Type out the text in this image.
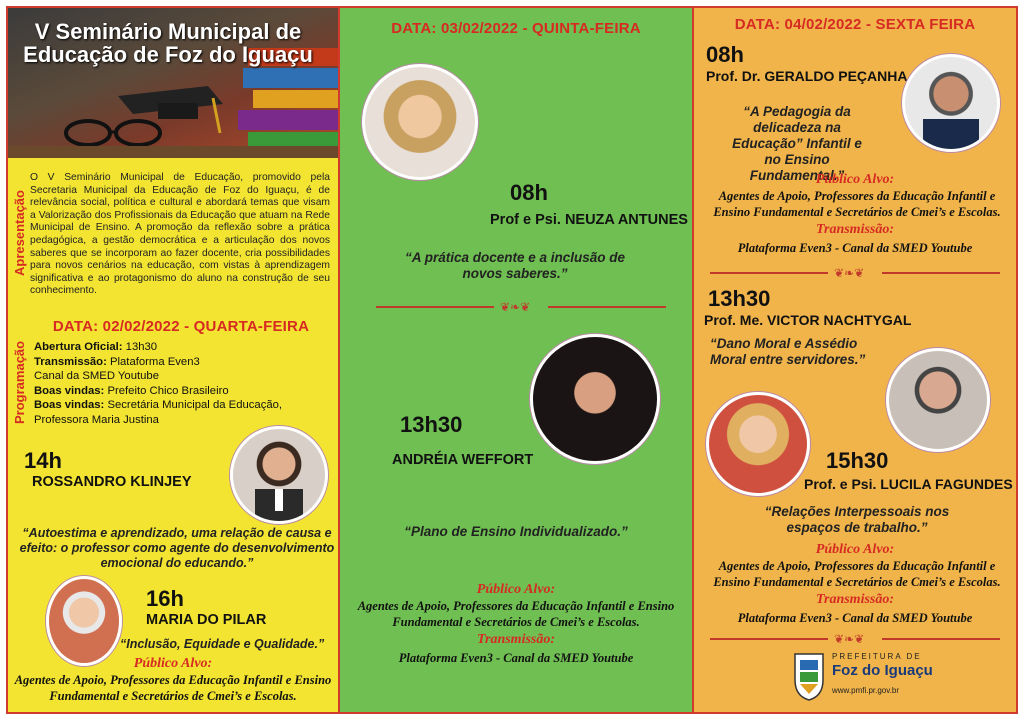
V Seminário Municipal de
Educação de Foz do Iguaçu
Apresentação
O V Seminário Municipal de Educação, promovido pela Secretaria Municipal da Educação de Foz do Iguaçu, é de relevância social, política e cultural e abordará temas que visam a Valorização dos Profissionais da Educação que atuam na Rede Municipal de Ensino. A promoção da reflexão sobre a prática pedagógica, a gestão democrática e a articulação dos novos saberes que se incorporam ao fazer docente, cria possibilidades para novos cenários na educação, com vistas à aprendizagem significativa e ao protagonismo do aluno na construção de seu conhecimento.
DATA: 02/02/2022 - QUARTA-FEIRA
Programação Abertura Oficial: 13h30
Transmissão: Plataforma Even3
Canal da SMED Youtube
Boas vindas: Prefeito Chico Brasileiro
Boas vindas: Secretária Municipal da Educação,
Professora Maria Justina
14h
ROSSANDRO KLINJEY
“Autoestima e aprendizado, uma relação de causa e efeito: o professor como agente do desenvolvimento emocional do educando.”
16h
MARIA DO PILAR
“Inclusão, Equidade e Qualidade.”
Público Alvo:
Agentes de Apoio, Professores da Educação Infantil e Ensino Fundamental e Secretários de Cmei’s e Escolas.
DATA: 03/02/2022 - QUINTA-FEIRA
08h
Prof e Psi. NEUZA ANTUNES
“A prática docente e a inclusão de novos saberes.”
❦❧❦
13h30
ANDRÉIA WEFFORT
“Plano de Ensino Individualizado.”
Público Alvo:
Agentes de Apoio, Professores da Educação Infantil e Ensino Fundamental e Secretários de Cmei’s e Escolas.
Transmissão:
Plataforma Even3 - Canal da SMED Youtube
DATA: 04/02/2022 - SEXTA FEIRA
08h
Prof. Dr. GERALDO PEÇANHA
“A Pedagogia da delicadeza na Educação” Infantil e no Ensino Fundamental.”
Público Alvo:
Agentes de Apoio, Professores da Educação Infantil e Ensino Fundamental e Secretários de Cmei’s e Escolas.
Transmissão:
Plataforma Even3 - Canal da SMED Youtube
❦❧❦
13h30
Prof. Me. VICTOR NACHTYGAL
“Dano Moral e Assédio Moral entre servidores.”
15h30
Prof. e Psi. LUCILA FAGUNDES
“Relações Interpessoais nos espaços de trabalho.”
Público Alvo:
Agentes de Apoio, Professores da Educação Infantil e Ensino Fundamental e Secretários de Cmei’s e Escolas.
Transmissão:
Plataforma Even3 - Canal da SMED Youtube
❦❧❦
PREFEITURA DE
Foz do Iguaçu
www.pmfi.pr.gov.br
